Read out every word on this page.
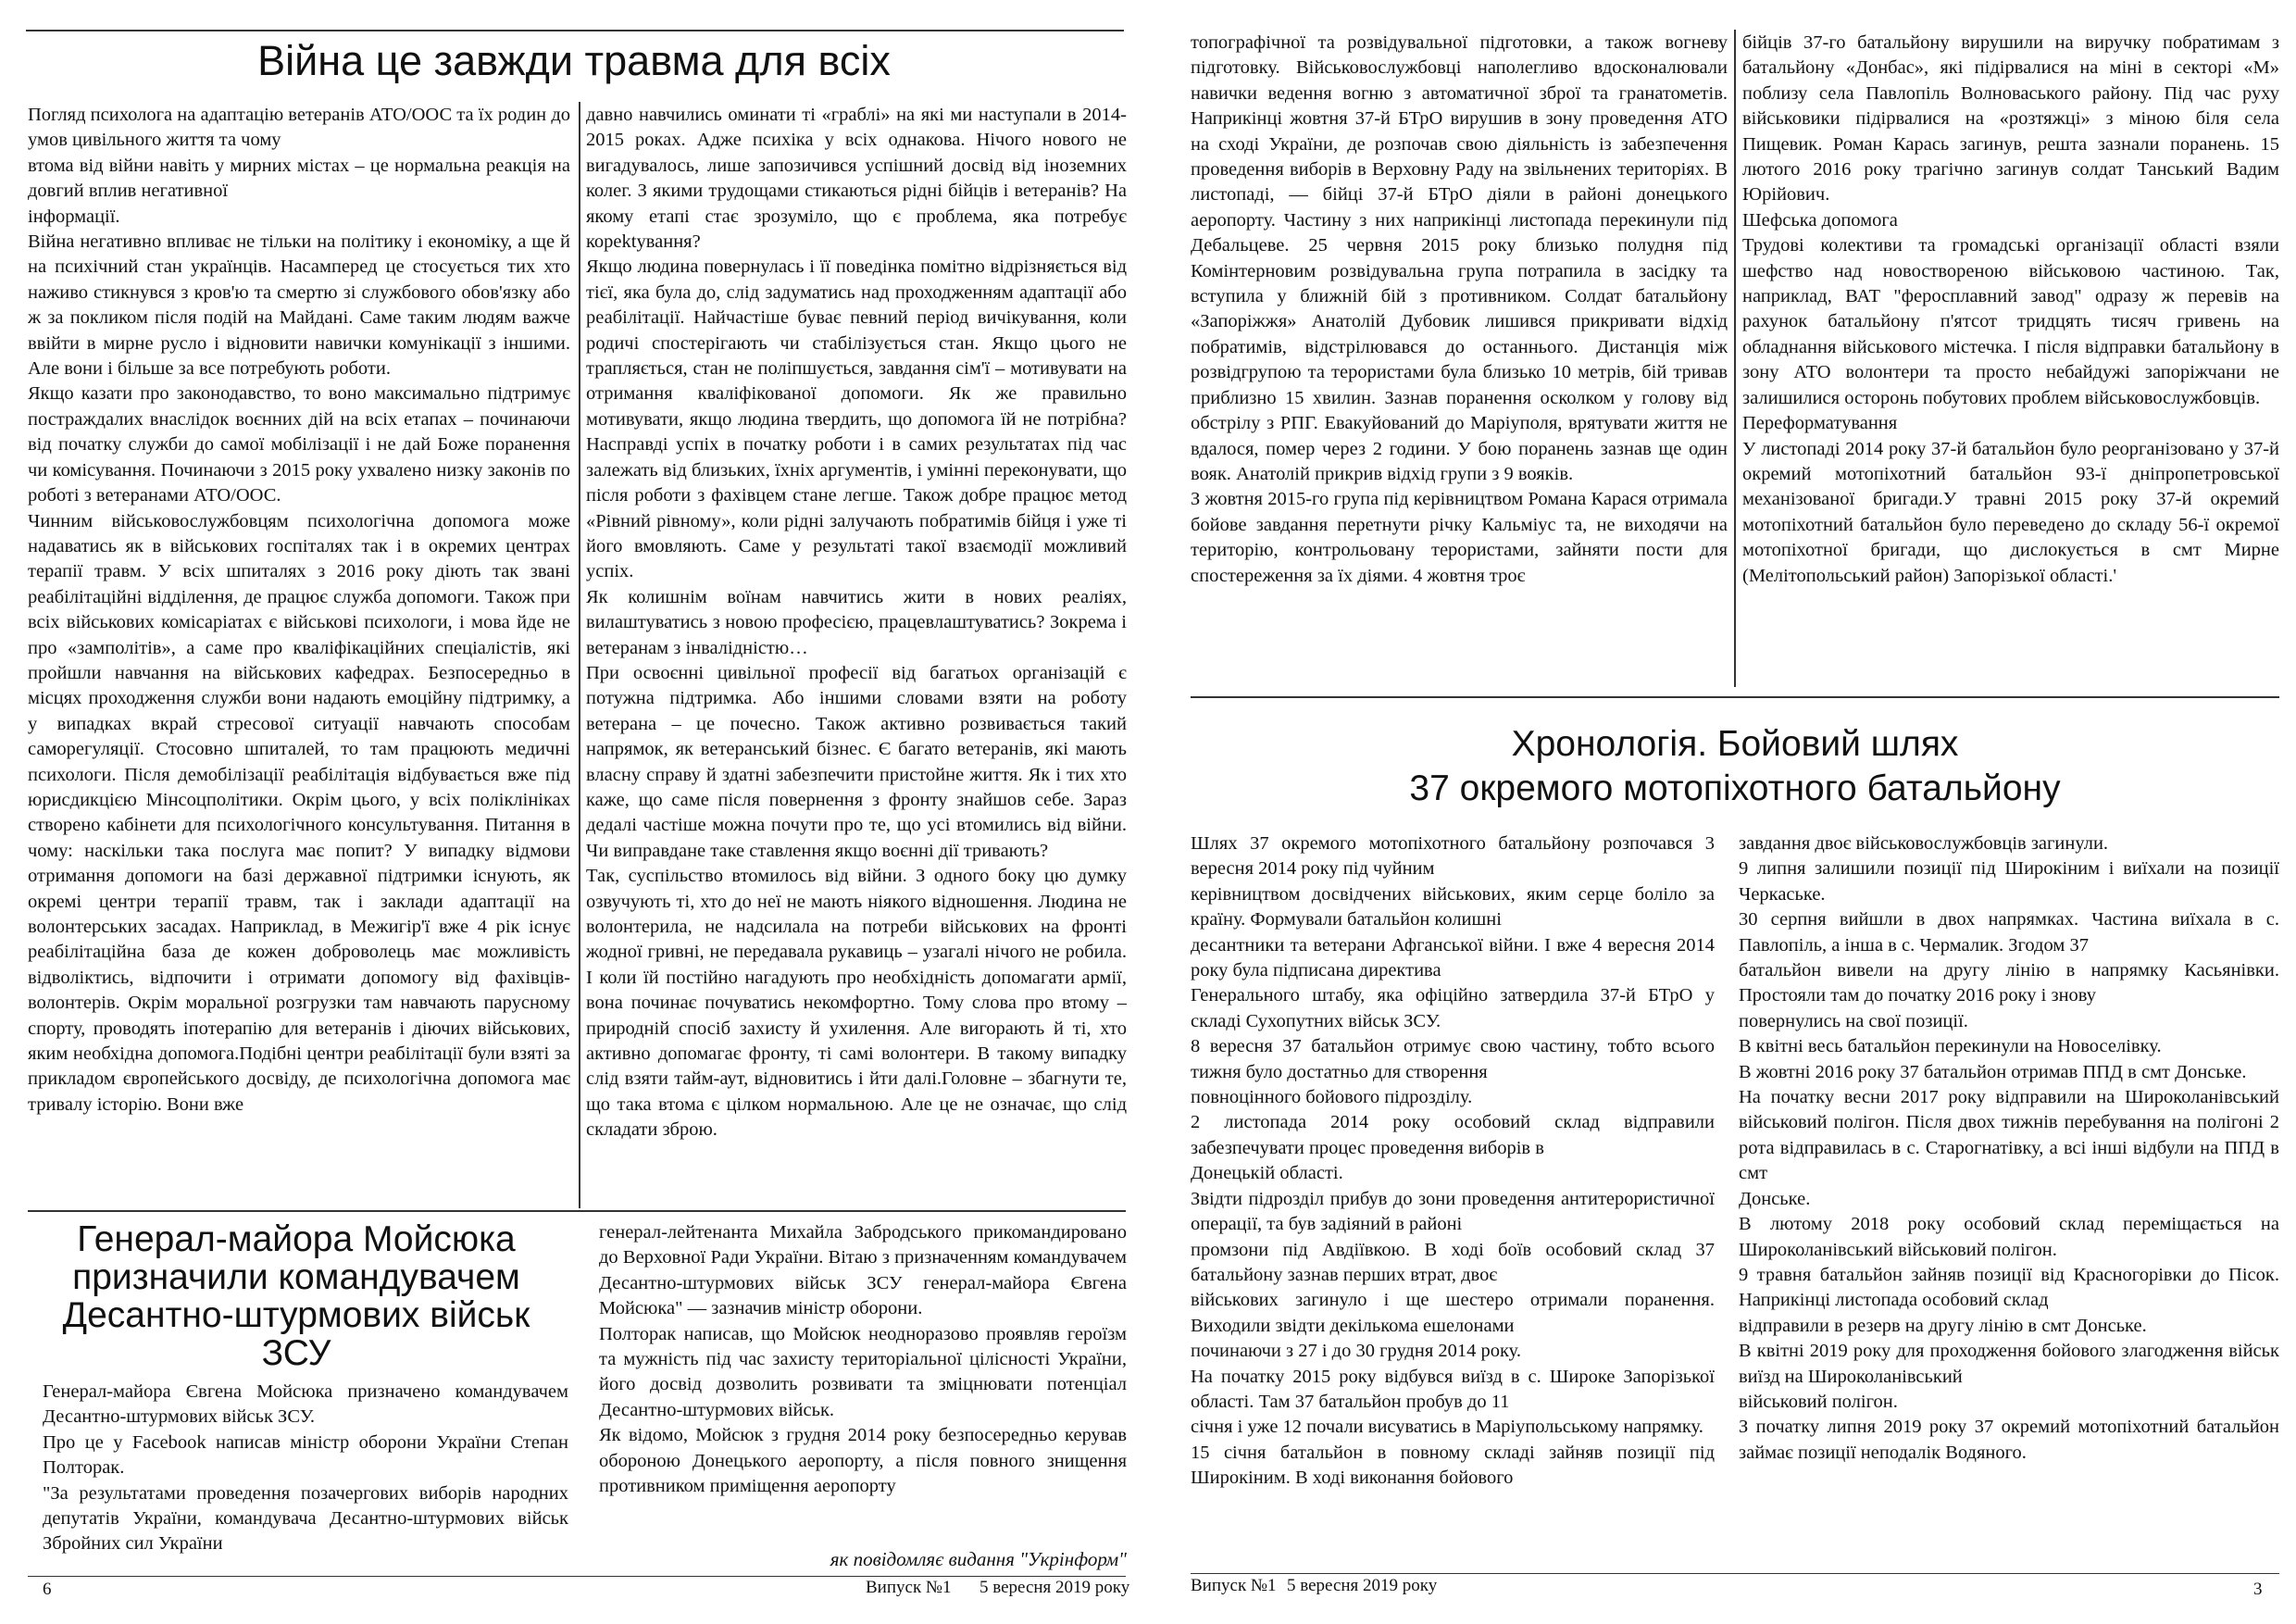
Війна це завжди травма для всіх

Погляд психолога на адаптацію ветеранів АТО/ООС та їх родин до умов цивільного життя та чому

втома від війни навіть у мирних містах – це нормальна реакція на довгий вплив негативної

інформації.

Війна негативно впливає не тільки на політику і економіку, а ще й на психічний стан українців. Насамперед це стосується тих хто наживо стикнувся з кров'ю та смертю зі службового обов'язку або ж за покликом після подій на Майдані. Саме таким людям важче ввійти в мирне русло і відновити навички комунікації з іншими. Але вони і більше за все потребують роботи.

Якщо казати про законодавство, то воно максимально підтримує постраждалих внаслідок воєнних дій на всіх етапах – починаючи від початку служби до самої мобілізації і не дай Боже поранення чи комісування. Починаючи з 2015 року ухвалено низку законів по роботі з ветеранами АТО/ООС.

Чинним військовослужбовцям психологічна допомога може надаватись як в військових госпіталях так і в окремих центрах терапії травм. У всіх шпиталях з 2016 року діють так звані реабілітаційні відділення, де працює служба допомоги. Також при всіх військових комісаріатах є військові психологи, і мова йде не про «замполітів», а саме про кваліфікаційних спеціалістів, які пройшли навчання на військових кафедрах. Безпосередньо в місцях проходження служби вони надають емоційну підтримку, а у випадках вкрай стресової ситуації навчають способам саморегуляції. Стосовно шпиталей, то там працюють медичні психологи. Після демобілізації реабілітація відбувається вже під юрисдикцією Мінсоцполітики. Окрім цього, у всіх поліклініках створено кабінети для психологічного консультування. Питання в чому: наскільки така послуга має попит? У випадку відмови отримання допомоги на базі державної підтримки існують, як окремі центри терапії травм, так і заклади адаптації на волонтерських засадах. Наприклад, в Межигір'ї вже 4 рік існує реабілітаційна база де кожен доброволець має можливість відволіктись, відпочити і отримати допомогу від фахівців-волонтерів. Окрім моральної розгрузки там навчають парусному спорту, проводять іпотерапію для ветеранів і діючих військових, яким необхідна допомога.Подібні центри реабілітації були взяті за прикладом європейського досвіду, де психологічна допомога має тривалу історію. Вони вже

давно навчились оминати ті «граблі» на які ми наступали в 2014-2015 роках. Адже психіка у всіх однакова. Нічого нового не вигадувалось, лише запозичився успішний досвід від іноземних колег. З якими трудощами стикаються рідні бійців і ветеранів? На якому етапі стає зрозуміло, що є проблема, яка потребує корektування?

Якщо людина повернулась і її поведінка помітно відрізняється від тієї, яка була до, слід задуматись над проходженням адаптації або реабілітації. Найчастіше буває певний період вичікування, коли родичі спостерігають чи стабілізується стан. Якщо цього не трапляється, стан не поліпшується, завдання сім'ї – мотивувати на отримання кваліфікованої допомоги. Як же правильно мотивувати, якщо людина твердить, що допомога їй не потрібна? Насправді успіх в початку роботи і в самих результатах під час залежать від близьких, їхніх аргументів, і умінні переконувати, що після роботи з фахівцем стане легше. Також добре працює метод «Рівний рівному», коли рідні залучають побратимів бійця і уже ті його вмовляють. Саме у результаті такої взаємодії можливий успіх.

Як колишнім воїнам навчитись жити в нових реаліях, вилаштуватись з новою професією, працевлаштуватись? Зокрема і ветеранам з інвалідністю…

При освоєнні цивільної професії від багатьох організацій є потужна підтримка. Або іншими словами взяти на роботу ветерана – це почесно. Також активно розвивається такий напрямок, як ветеранський бізнес. Є багато ветеранів, які мають власну справу й здатні забезпечити пристойне життя. Як і тих хто каже, що саме після повернення з фронту знайшов себе. Зараз дедалі частіше можна почути про те, що усі втомились від війни. Чи виправдане таке ставлення якщо воєнні дії тривають?

Так, суспільство втомилось від війни. З одного боку цю думку озвучують ті, хто до неї не мають ніякого відношення. Людина не волонтерила, не надсилала на потреби військових на фронті жодної гривні, не передавала рукавиць – узагалі нічого не робила. І коли їй постійно нагадують про необхідність допомагати армії, вона починає почуватись некомфортно. Тому слова про втому – природній спосіб захисту й ухилення. Але вигорають й ті, хто активно допомагає фронту, ті самі волонтери. В такому випадку слід взяти тайм-аут, відновитись і йти далі.Головне – збагнути те, що така втома є цілком нормальною. Але це не означає, що слід складати зброю.

Генерал-майора Мойсюка призначили командувачем Десантно-штурмових військ ЗСУ

Генерал-майора Євгена Мойсюка призначено командувачем Десантно-штурмових військ ЗСУ.

Про це у Facebook написав міністр оборони України Степан Полторак.

"За результатами проведення позачергових виборів народних депутатів України, командувача Десантно-штурмових військ Збройних сил України

генерал-лейтенанта Михайла Забродського прикомандировано до Верховної Ради України. Вітаю з призначенням командувачем Десантно-штурмових військ ЗСУ генерал-майора Євгена Мойсюка" — зазначив міністр оборони.

Полторак написав, що Мойсюк неодноразово проявляв героїзм та мужність під час захисту територіальної цілісності України, його досвід дозволить розвивати та зміцнювати потенціал Десантно-штурмових військ.

Як відомо, Мойсюк з грудня 2014 року безпосередньо керував обороною Донецького аеропорту, а після повного знищення противником приміщення аеропорту

як повідомляє видання "Укрінформ"
6	Випуск №1 5 вересня 2019 року

топографічної та розвідувальної підготовки, а також вогневу підготовку. Військовослужбовці наполегливо вдосконалювали навички ведення вогню з автоматичної зброї та гранатометів. Наприкінці жовтня 37-й БТрО вирушив в зону проведення АТО на сході України, де розпочав свою діяльність із забезпечення проведення виборів в Верховну Раду на звільнених територіях. В листопаді, — бійці 37-й БТрО діяли в районі донецького аеропорту. Частину з них наприкінці листопада перекинули під Дебальцеве. 25 червня 2015 року близько полудня під Комінтерновим розвідувальна група потрапила в засідку та вступила у ближній бій з противником. Солдат батальйону «Запоріжжя» Анатолій Дубовик лишився прикривати відхід побратимів, відстрілювався до останнього. Дистанція між розвідгрупою та терористами була близько 10 метрів, бій тривав приблизно 15 хвилин. Зазнав поранення осколком у голову від обстрілу з РПГ. Евакуйований до Маріуполя, врятувати життя не вдалося, помер через 2 години. У бою поранень зазнав ще один вояк. Анатолій прикрив відхід групи з 9 вояків.

З жовтня 2015-го група під керівництвом Романа Карася отримала бойове завдання перетнути річку Кальміус та, не виходячи на територію, контрольовану терористами, зайняти пости для спостереження за їх діями. 4 жовтня троє

бійців 37-го батальйону вирушили на виручку побратимам з батальйону «Донбас», які підірвалися на міні в секторі «М» поблизу села Павлопіль Волноваського району. Під час руху військовики підірвалися на «розтяжці» з міною біля села Пищевик. Роман Карась загинув, решта зазнали поранень. 15 лютого 2016 року трагічно загинув солдат Танський Вадим Юрійович.

Шефська допомога

Трудові колективи та громадські організації області взяли шефство над новоствореною військовою частиною. Так, наприклад, ВАТ "феросплавний завод" одразу ж перевів на рахунок батальйону п'ятсот тридцять тисяч гривень на обладнання військового містечка. І після відправки батальйону в зону АТО волонтери та просто небайдужі запоріжчани не залишилися осторонь побутових проблем військовослужбовців.

Переформатування

У листопаді 2014 року 37-й батальйон було реорганізовано у 37-й окремий мотопіхотний батальйон 93-ї дніпропетровської механізованої бригади.У травні 2015 року 37-й окремий мотопіхотний батальйон було переведено до складу 56-ї окремої мотопіхотної бригади, що дислокується в смт Мирне (Мелітопольський район) Запорізької області.'

Хронологія. Бойовий шлях
37 окремого мотопіхотного батальйону

Шлях 37 окремого мотопіхотного батальйону розпочався 3 вересня 2014 року під чуйним

керівництвом досвідчених військових, яким серце боліло за країну. Формували батальйон колишні

десантники та ветерани Афганської війни. І вже 4 вересня 2014 року була підписана директива

Генерального штабу, яка офіційно затвердила 37-й БТрО у складі Сухопутних військ ЗСУ.

8 вересня 37 батальйон отримує свою частину, тобто всього тижня було достатньо для створення

повноцінного бойового підрозділу.

2 листопада 2014 року особовий склад відправили забезпечувати процес проведення виборів в

Донецькій області.

Звідти підрозділ прибув до зони проведення антитерористичної операції, та був задіяний в районі

промзони під Авдіївкою. В ході боїв особовий склад 37 батальйону зазнав перших втрат, двоє

військових загинуло і ще шестеро отримали поранення. Виходили звідти декількома ешелонами

починаючи з 27 і до 30 грудня 2014 року.

На початку 2015 року відбувся виїзд в с. Широке Запорізької області. Там 37 батальйон пробув до 11

січня і уже 12 почали висуватись в Маріупольському напрямку.

15 січня батальйон в повному складі зайняв позиції під Широкіним. В ході виконання бойового

завдання двоє військовослужбовців загинули.

9 липня залишили позиції під Широкіним і виїхали на позиції Черкаське.

30 серпня вийшли в двох напрямках. Частина виїхала в с. Павлопіль, а інша в с. Чермалик. Згодом 37

батальйон вивели на другу лінію в напрямку Касьянівки. Простояли там до початку 2016 року і знову

повернулись на свої позиції.

В квітні весь батальйон перекинули на Новоселівку.

В жовтні 2016 року 37 батальйон отримав ППД в смт Донське.

На початку весни 2017 року відправили на Широколанівський військовий полігон. Після двох тижнів перебування на полігоні 2 рота відправилась в с. Старогнатівку, а всі інші відбули на ППД в смт

Донське.

В лютому 2018 року особовий склад переміщається на Широколанівський військовий полігон.

9 травня батальйон зайняв позиції від Красногорівки до Пісок. Наприкінці листопада особовий склад

відправили в резерв на другу лінію в смт Донське.

В квітні 2019 року для проходження бойового злагодження військ виїзд на Широколанівський

військовий полігон.

З початку липня 2019 року 37 окремий мотопіхотний батальйон займає позиції неподалік Водяного.

Випуск №1 5 вересня 2019 року	3
